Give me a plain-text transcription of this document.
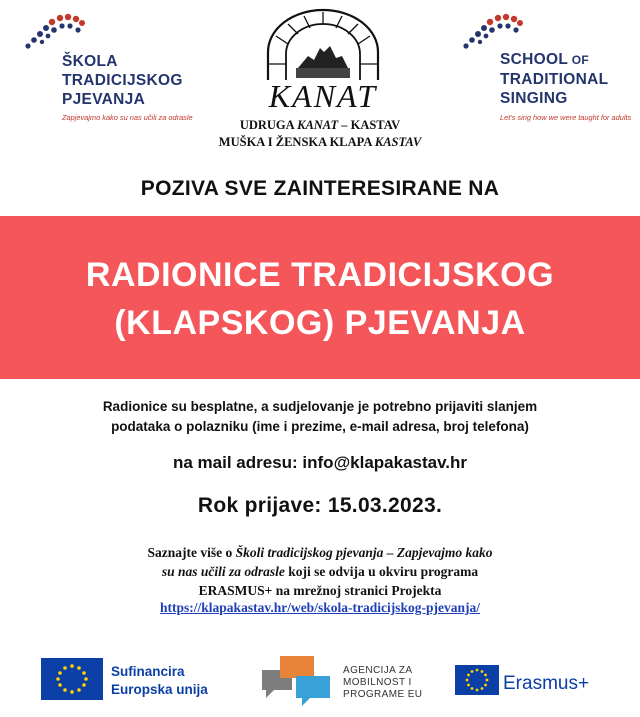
ŠKOLA
TRADICIJSKOG
PJEVANJA
Zapjevajmo kako su nas učili za odrasle
KANAT
SCHOOL OF
TRADITIONAL
SINGING
Let's sing how we were taught for adults
UDRUGA KANAT – KASTAV
MUŠKA I ŽENSKA KLAPA KASTAV
POZIVA SVE ZAINTERESIRANE NA
RADIONICE TRADICIJSKOG
(KLAPSKOG) PJEVANJA
Radionice su besplatne, a sudjelovanje je potrebno prijaviti slanjem
podataka o polazniku (ime i prezime, e-mail adresa, broj telefona)
na mail adresu: info@klapakastav.hr
Rok prijave: 15.03.2023.
Saznajte više o Školi tradicijskog pjevanja – Zapjevajmo kako
su nas učili za odrasle koji se odvija u okviru programa
ERASMUS+ na mrežnoj stranici Projekta
https://klapakastav.hr/web/skola-tradicijskog-pjevanja/
Sufinancira
Europska unija
AGENCIJA ZA
MOBILNOST I
PROGRAME EU
Erasmus+
